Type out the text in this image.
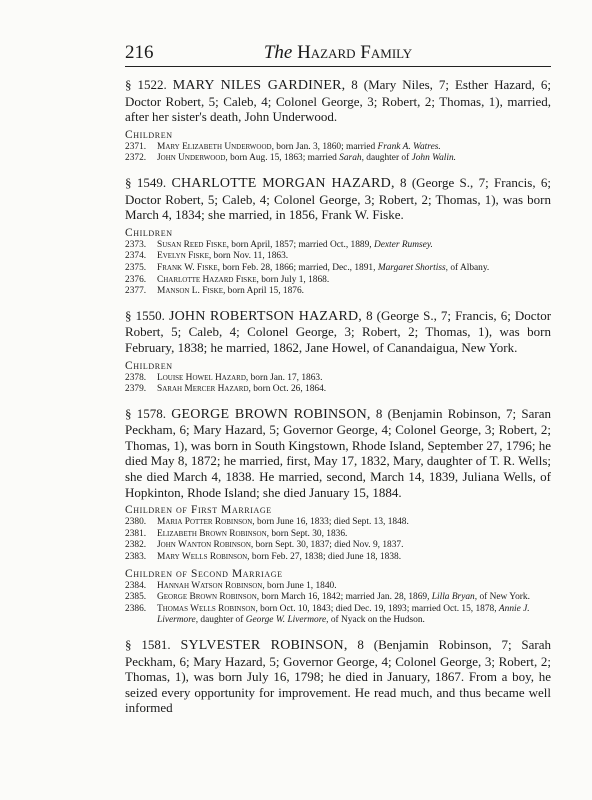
216	The Hazard Family

§ 1522. MARY NILES GARDINER, 8 (Mary Niles, 7; Esther Hazard, 6; Doctor Robert, 5; Caleb, 4; Colonel George, 3; Robert, 2; Thomas, 1), married, after her sister's death, John Underwood.

Children
2371.	Mary Elizabeth Underwood, born Jan. 3, 1860; married Frank A. Watres.
2372.	John Underwood, born Aug. 15, 1863; married Sarah, daughter of John Walin.

§ 1549. CHARLOTTE MORGAN HAZARD, 8 (George S., 7; Francis, 6; Doctor Robert, 5; Caleb, 4; Colonel George, 3; Robert, 2; Thomas, 1), was born March 4, 1834; she married, in 1856, Frank W. Fiske.

Children
2373.	Susan Reed Fiske, born April, 1857; married Oct., 1889, Dexter Rumsey.
2374.	Evelyn Fiske, born Nov. 11, 1863.
2375.	Frank W. Fiske, born Feb. 28, 1866; married, Dec., 1891, Margaret Shortiss, of Albany.
2376.	Charlotte Hazard Fiske, born July 1, 1868.
2377.	Manson L. Fiske, born April 15, 1876.

§ 1550. JOHN ROBERTSON HAZARD, 8 (George S., 7; Francis, 6; Doctor Robert, 5; Caleb, 4; Colonel George, 3; Robert, 2; Thomas, 1), was born February, 1838; he married, 1862, Jane Howel, of Canandaigua, New York.

Children
2378.	Louise Howel Hazard, born Jan. 17, 1863.
2379.	Sarah Mercer Hazard, born Oct. 26, 1864.

§ 1578. GEORGE BROWN ROBINSON, 8 (Benjamin Robinson, 7; Saran Peckham, 6; Mary Hazard, 5; Governor George, 4; Colonel George, 3; Robert, 2; Thomas, 1), was born in South Kingstown, Rhode Island, September 27, 1796; he died May 8, 1872; he married, first, May 17, 1832, Mary, daughter of T. R. Wells; she died March 4, 1838. He married, second, March 14, 1839, Juliana Wells, of Hopkinton, Rhode Island; she died January 15, 1884.

Children of First Marriage
2380.	Maria Potter Robinson, born June 16, 1833; died Sept. 13, 1848.
2381.	Elizabeth Brown Robinson, born Sept. 30, 1836.
2382.	John Wanton Robinson, born Sept. 30, 1837; died Nov. 9, 1837.
2383.	Mary Wells Robinson, born Feb. 27, 1838; died June 18, 1838.
Children of Second Marriage
2384.	Hannah Watson Robinson, born June 1, 1840.
2385.	George Brown Robinson, born March 16, 1842; married Jan. 28, 1869, Lilla Bryan, of New York.
2386.	Thomas Wells Robinson, born Oct. 10, 1843; died Dec. 19, 1893; married Oct. 15, 1878, Annie J. Livermore, daughter of George W. Livermore, of Nyack on the Hudson.

§ 1581. SYLVESTER ROBINSON, 8 (Benjamin Robinson, 7; Sarah Peckham, 6; Mary Hazard, 5; Governor George, 4; Colonel George, 3; Robert, 2; Thomas, 1), was born July 16, 1798; he died in January, 1867. From a boy, he seized every opportunity for improvement. He read much, and thus became well informed
